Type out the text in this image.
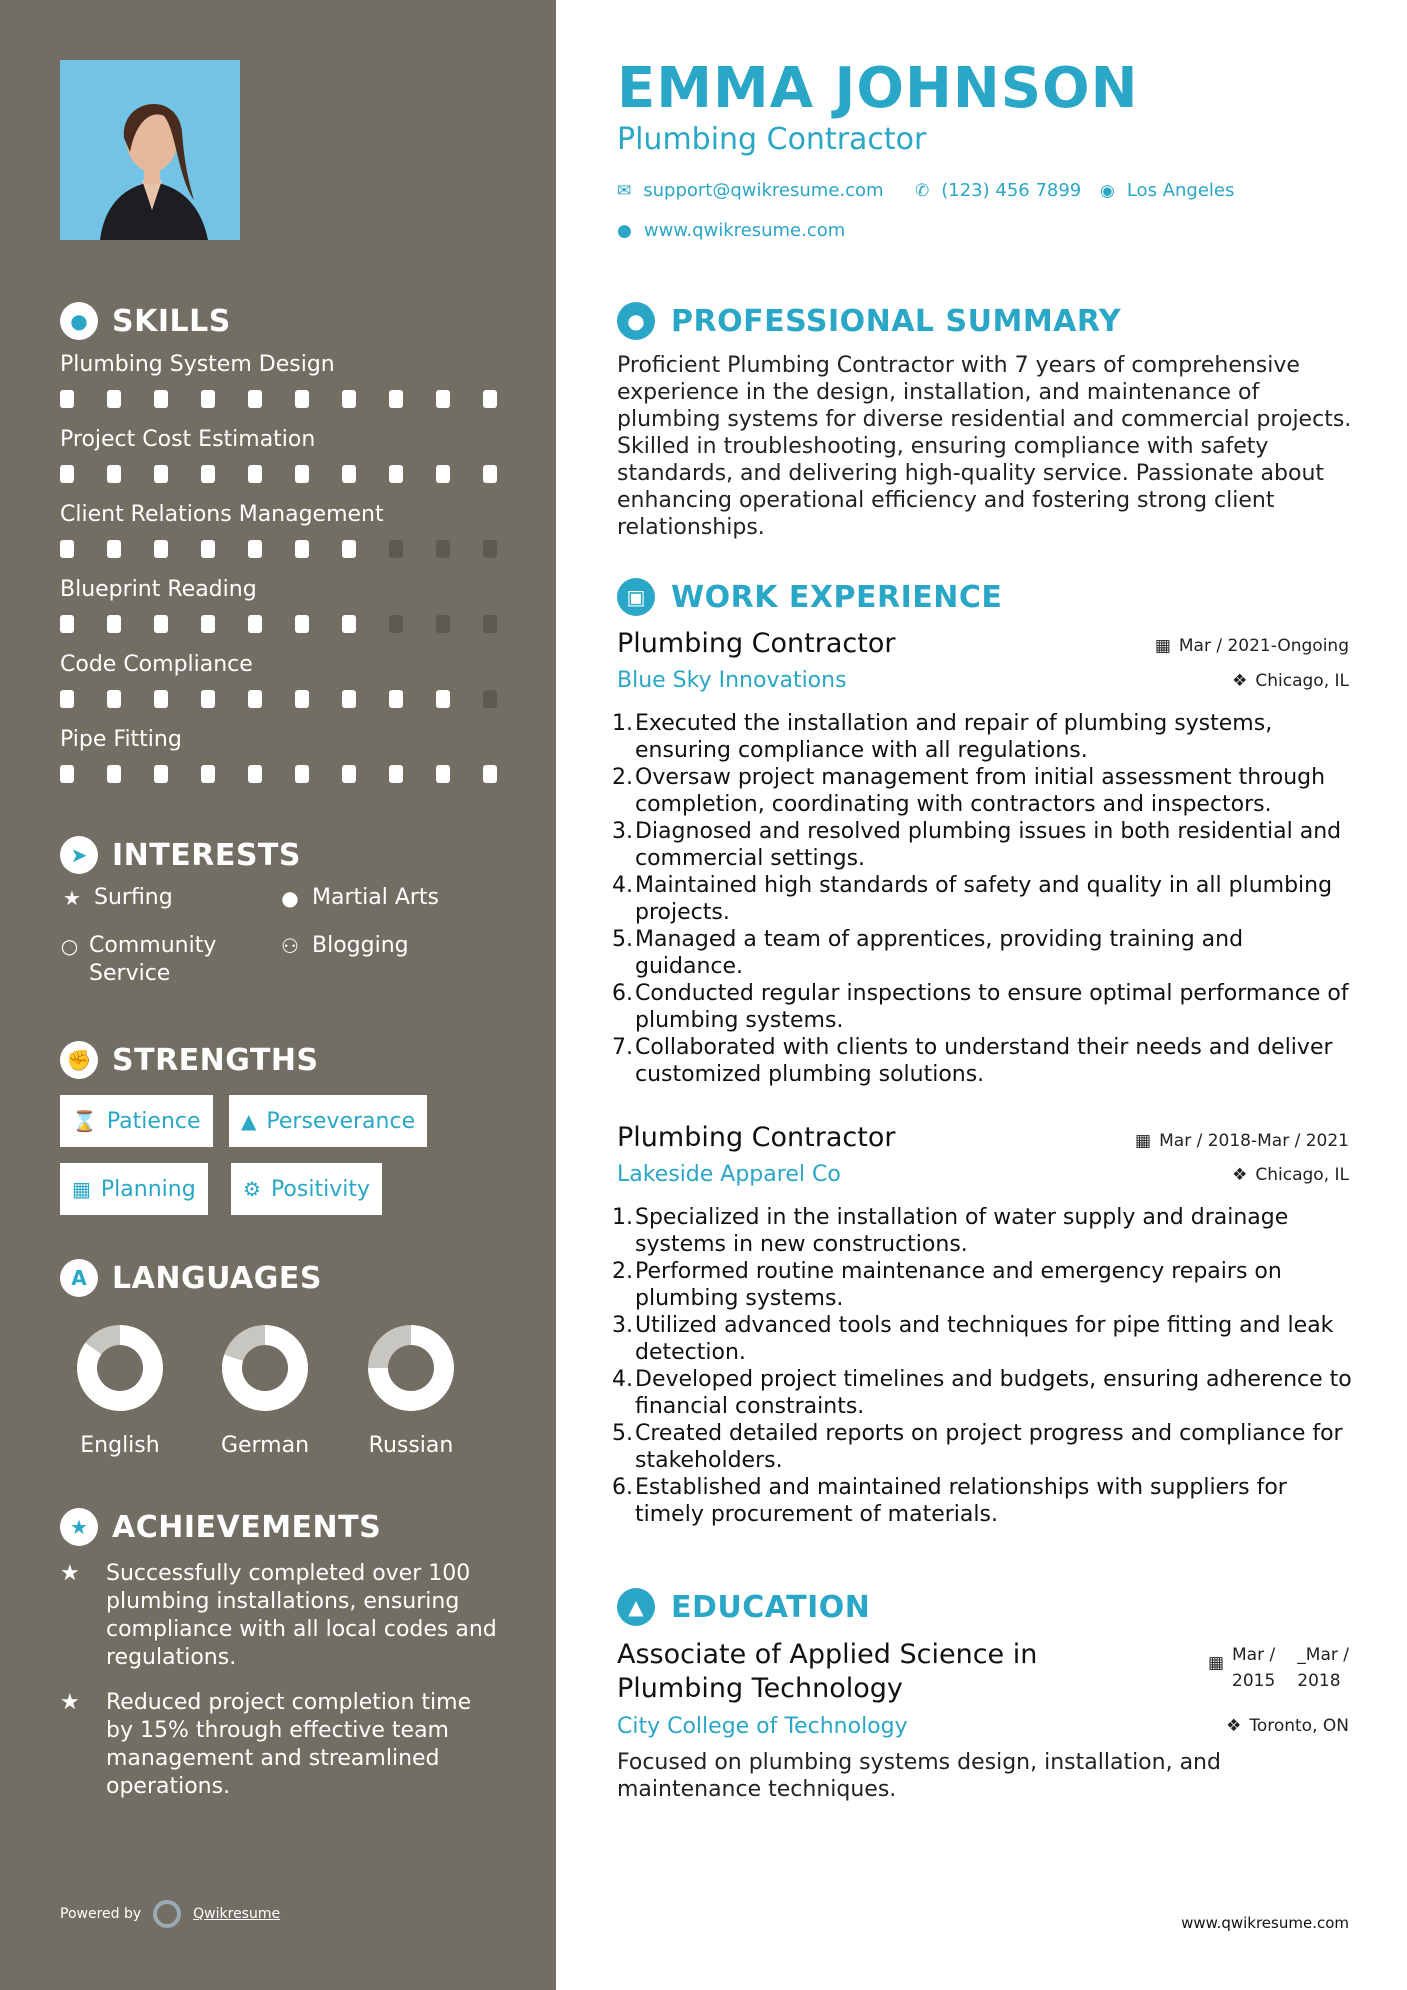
● SKILLS
Plumbing System Design
Project Cost Estimation
Client Relations Management
Blueprint Reading
Code Compliance
Pipe Fitting
➤ INTERESTS
★ Surfing	● Martial Arts
○ Community Service
⚇ Blogging
✊ STRENGTHS
⌛ Patience ▲ Perseverance
▦ Planning ⚙ Positivity
A LANGUAGES
English	German	Russian
★ ACHIEVEMENTS
★	Successfully completed over 100 plumbing installations, ensuring compliance with all local codes and regulations.
★	Reduced project completion time by 15% through effective team management and streamlined operations.
Powered by	Qwikresume
EMMA JOHNSON
Plumbing Contractor
✉ support@qwikresume.com ✆ (123) 456 7899 ◉ Los Angeles
● www.qwikresume.com
● PROFESSIONAL SUMMARY
Proficient Plumbing Contractor with 7 years of comprehensive experience in the design, installation, and maintenance of plumbing systems for diverse residential and commercial projects. Skilled in troubleshooting, ensuring compliance with safety standards, and delivering high-quality service. Passionate about enhancing operational efficiency and fostering strong client relationships.
▣ WORK EXPERIENCE
Plumbing Contractor	▦ Mar / 2021-Ongoing
Blue Sky Innovations	❖ Chicago, IL
1. Executed the installation and repair of plumbing systems, ensuring compliance with all regulations.
2. Oversaw project management from initial assessment through completion, coordinating with contractors and inspectors.
3. Diagnosed and resolved plumbing issues in both residential and commercial settings.
4. Maintained high standards of safety and quality in all plumbing projects.
5. Managed a team of apprentices, providing training and guidance.
6. Conducted regular inspections to ensure optimal performance of plumbing systems.
7. Collaborated with clients to understand their needs and deliver customized plumbing solutions.
Plumbing Contractor	▦ Mar / 2018-Mar / 2021
Lakeside Apparel Co	❖ Chicago, IL
1. Specialized in the installation of water supply and drainage systems in new constructions.
2. Performed routine maintenance and emergency repairs on plumbing systems.
3. Utilized advanced tools and techniques for pipe fitting and leak detection.
4. Developed project timelines and budgets, ensuring adherence to financial constraints.
5. Created detailed reports on project progress and compliance for stakeholders.
6. Established and maintained relationships with suppliers for timely procurement of materials.
▲ EDUCATION
Associate of Applied Science in
Plumbing Technology
▦ Mar /
2015
_Mar /
2018
City College of Technology	❖ Toronto, ON
Focused on plumbing systems design, installation, and maintenance techniques.
www.qwikresume.com
